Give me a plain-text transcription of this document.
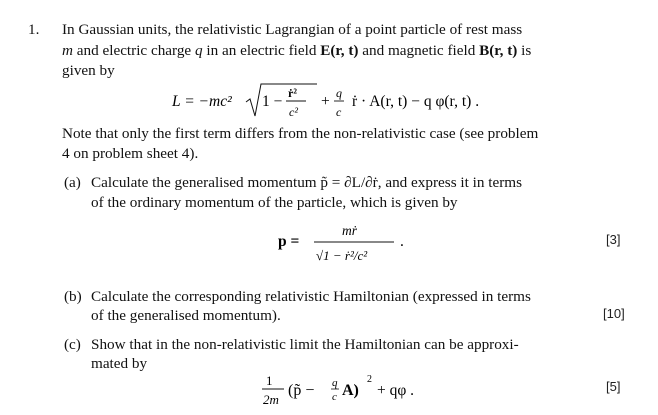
1. In Gaussian units, the relativistic Lagrangian of a point particle of rest mass
m and electric charge q in an electric field E(r, t) and magnetic field B(r, t) is
given by
L = −mc² 1 − ṙ²
c²
+ q
c
ṙ · A(r, t) − q φ(r, t) .
Note that only the first term differs from the non-relativistic case (see problem
4 on problem sheet 4).
(a) Calculate the generalised momentum p̃ = ∂L/∂ṙ, and express it in terms
of the ordinary momentum of the particle, which is given by
p =
mṙ
√1 − ṙ²/c²
.	[3]
(b) Calculate the corresponding relativistic Hamiltonian (expressed in terms
of the generalised momentum).	[10]
(c) Show that in the non-relativistic limit the Hamiltonian can be approxi-
mated by
1
2m
(p̃ − q
c A)
2
+ qφ .	[5]
